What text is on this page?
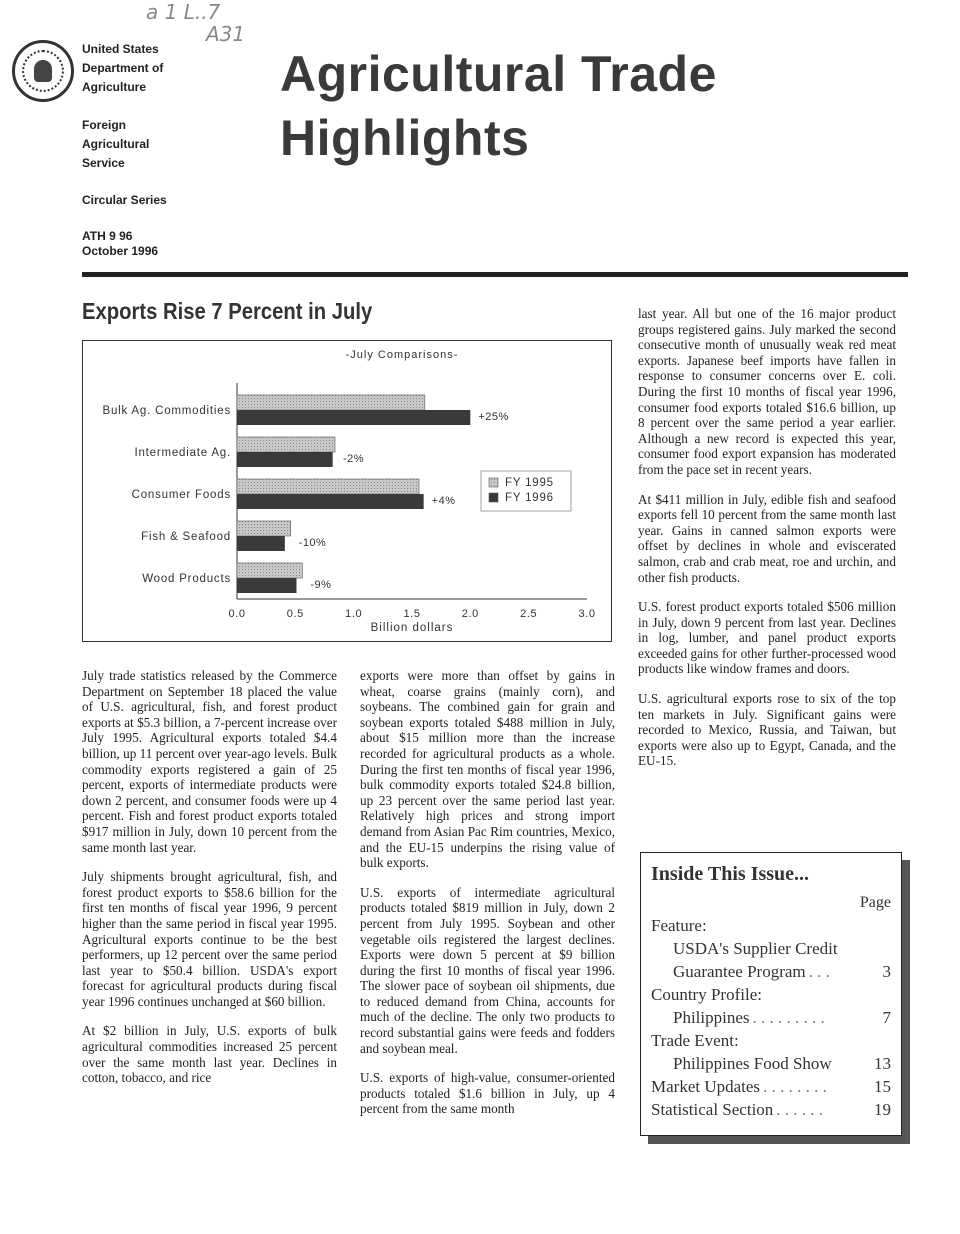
a 1 L..7
A31
United States
Department of
Agriculture
Foreign
Agricultural
Service
Circular Series
ATH 9 96
October 1996
Agricultural Trade
Highlights
Exports Rise 7 Percent in July
-July Comparisons-
Bulk Ag. Commodities	+25%
Intermediate Ag.	-2%
Consumer Foods	+4%
Fish & Seafood	-10%
Wood Products	-9%
0.0	0.5	1.0	1.5	2.0	2.5	3.0
Billion dollars
FY 1995
FY 1996

July trade statistics released by the Commerce Department on September 18 placed the value of U.S. agricultural, fish, and forest product exports at $5.3 billion, a 7-percent increase over July 1995. Agricultural exports totaled $4.4 billion, up 11 percent over year-ago levels. Bulk commodity exports registered a gain of 25 percent, exports of intermediate products were down 2 percent, and consumer foods were up 4 percent. Fish and forest product exports totaled $917 million in July, down 10 percent from the same month last year.

July shipments brought agricultural, fish, and forest product exports to $58.6 billion for the first ten months of fiscal year 1996, 9 percent higher than the same period in fiscal year 1995. Agricultural exports continue to be the best performers, up 12 percent over the same period last year to $50.4 billion. USDA's export forecast for agricultural products during fiscal year 1996 continues unchanged at $60 billion.

At $2 billion in July, U.S. exports of bulk agricultural commodities increased 25 percent over the same month last year. Declines in cotton, tobacco, and rice

exports were more than offset by gains in wheat, coarse grains (mainly corn), and soybeans. The combined gain for grain and soybean exports totaled $488 million in July, about $15 million more than the increase recorded for agricultural products as a whole. During the first ten months of fiscal year 1996, bulk commodity exports totaled $24.8 billion, up 23 percent over the same period last year. Relatively high prices and strong import demand from Asian Pac Rim countries, Mexico, and the EU-15 underpins the rising value of bulk exports.

U.S. exports of intermediate agricultural products totaled $819 million in July, down 2 percent from July 1995. Soybean and other vegetable oils registered the largest declines. Exports were down 5 percent at $9 billion during the first 10 months of fiscal year 1996. The slower pace of soybean oil shipments, due to reduced demand from China, accounts for much of the decline. The only two products to record substantial gains were feeds and fodders and soybean meal.

U.S. exports of high-value, consumer-oriented products totaled $1.6 billion in July, up 4 percent from the same month

last year. All but one of the 16 major product groups registered gains. July marked the second consecutive month of unusually weak red meat exports. Japanese beef imports have fallen in response to consumer concerns over E. coli. During the first 10 months of fiscal year 1996, consumer food exports totaled $16.6 billion, up 8 percent over the same period a year earlier. Although a new record is expected this year, consumer food export expansion has moderated from the pace set in recent years.

At $411 million in July, edible fish and seafood exports fell 10 percent from the same month last year. Gains in canned salmon exports were offset by declines in whole and eviscerated salmon, crab and crab meat, roe and urchin, and other fish products.

U.S. forest product exports totaled $506 million in July, down 9 percent from last year. Declines in log, lumber, and panel product exports exceeded gains for other further-processed wood products like window frames and doors.

U.S. agricultural exports rose to six of the top ten markets in July. Significant gains were recorded to Mexico, Russia, and Taiwan, but exports were also up to Egypt, Canada, and the EU-15.

Inside This Issue...
Page
Feature:
USDA's Supplier Credit
Guarantee Program . . .	3
Country Profile:
Philippines . . . . . . . . .	7
Trade Event:
Philippines Food Show 13
Market Updates . . . . . . . .	15
Statistical Section . . . . . .	19
